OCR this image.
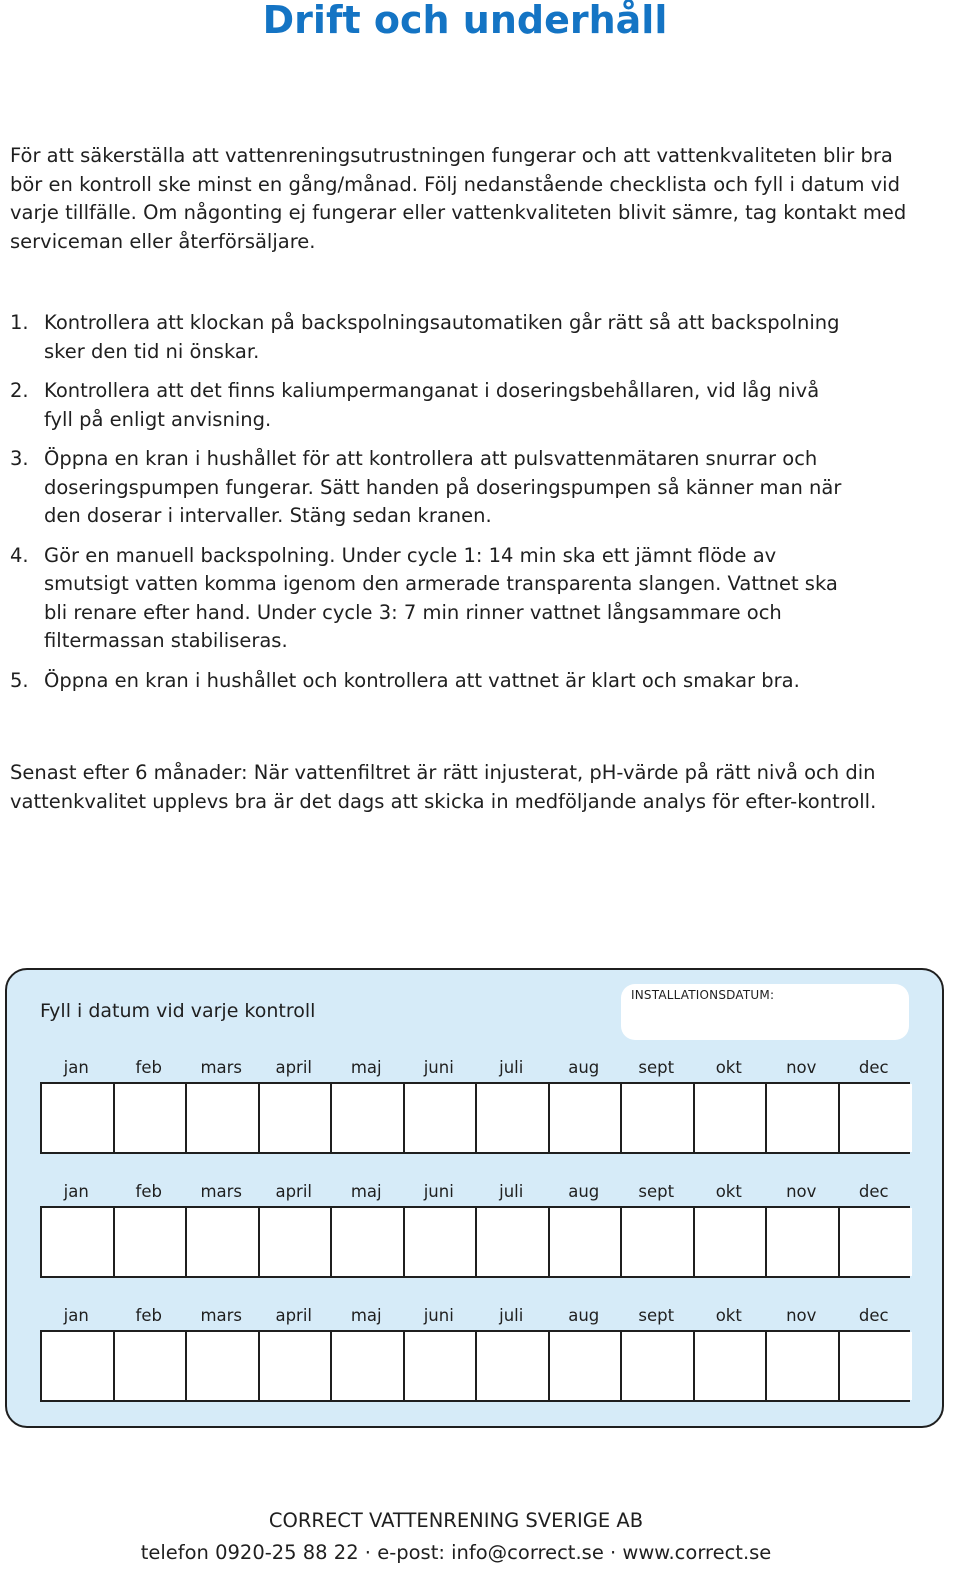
Drift och underhåll

För att säkerställa att vattenreningsutrustningen fungerar och att vattenkvaliteten blir bra bör en kontroll ske minst en gång/månad. Följ nedanstående checklista och fyll i datum vid varje tillfälle. Om någonting ej fungerar eller vattenkvaliteten blivit sämre, tag kontakt med serviceman eller återförsäljare.

1. Kontrollera att klockan på backspolningsautomatiken går rätt så att backspolning sker den tid ni önskar.
2. Kontrollera att det finns kaliumpermanganat i doseringsbehållaren, vid låg nivå fyll på enligt anvisning.
3. Öppna en kran i hushållet för att kontrollera att pulsvattenmätaren snurrar och doseringspumpen fungerar. Sätt handen på doseringspumpen så känner man när den doserar i intervaller. Stäng sedan kranen.
4. Gör en manuell backspolning. Under cycle 1: 14 min ska ett jämnt flöde av smutsigt vatten komma igenom den armerade transparenta slangen. Vattnet ska bli renare efter hand. Under cycle 3: 7 min rinner vattnet långsammare och filtermassan stabiliseras.
5. Öppna en kran i hushållet och kontrollera att vattnet är klart och smakar bra.

Senast efter 6 månader: När vattenfiltret är rätt injusterat, pH-värde på rätt nivå och din vattenkvalitet upplevs bra är det dags att skicka in medföljande analys för efter-kontroll.

Fyll i datum vid varje kontroll

INSTALLATIONSDATUM:
jan	feb	mars	april	maj	juni	juli	aug	sept	okt	nov	dec
jan	feb	mars	april	maj	juni	juli	aug	sept	okt	nov	dec
jan	feb	mars	april	maj	juni	juli	aug	sept	okt	nov	dec

CORRECT VATTENRENING SVERIGE AB

telefon 0920-25 88 22 · e-post: info@correct.se · www.correct.se
